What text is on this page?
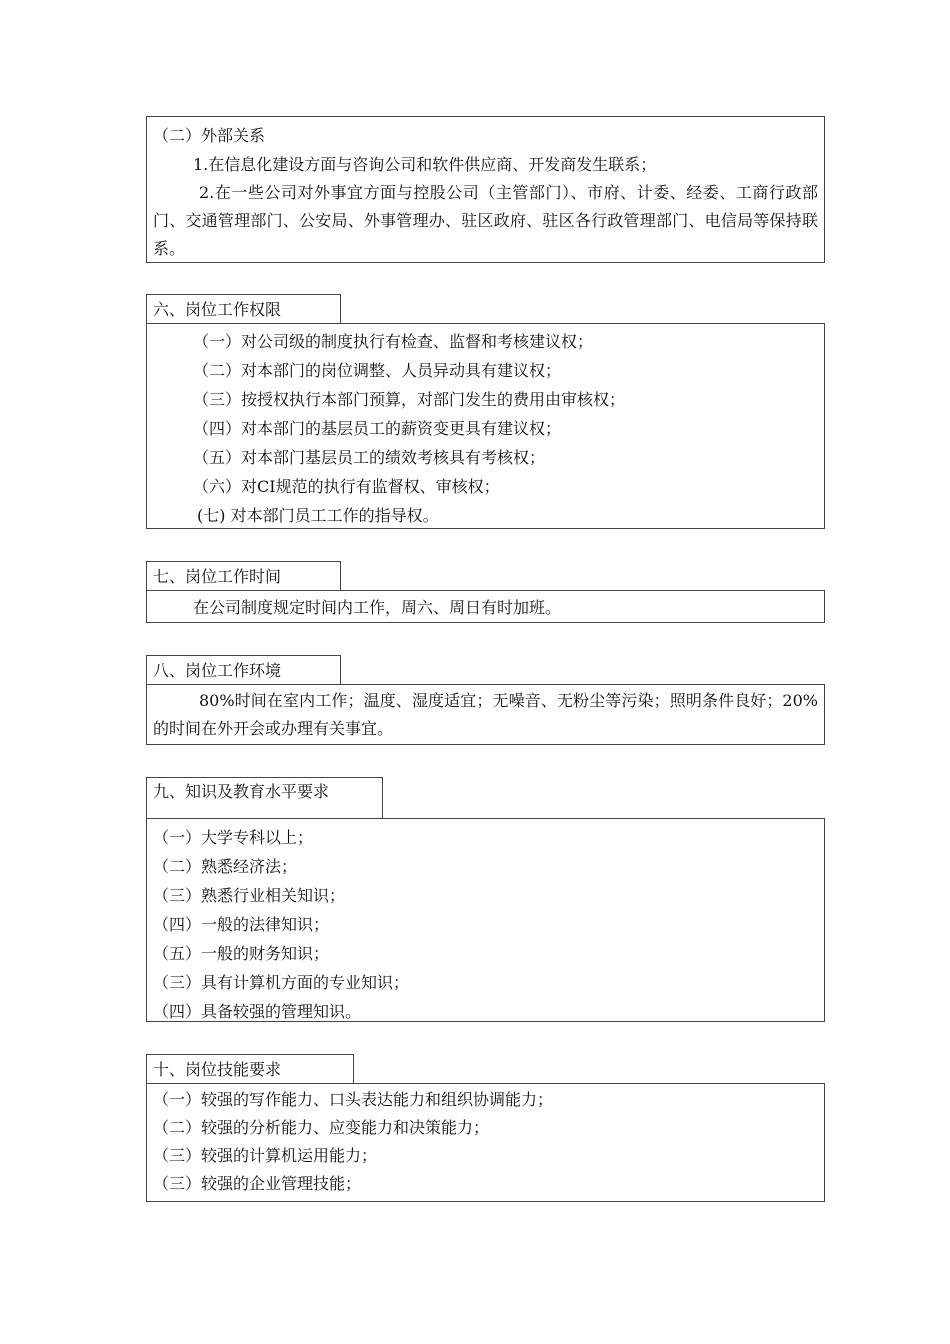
（二）外部关系
1.在信息化建设方面与咨询公司和软件供应商、开发商发生联系；
2.在一些公司对外事宜方面与控股公司（主管部门）、市府、计委、经委、工商行政部门、交通管理部门、公安局、外事管理办、驻区政府、驻区各行政管理部门、电信局等保持联系。
六、岗位工作权限
（一）对公司级的制度执行有检查、监督和考核建议权；
（二）对本部门的岗位调整、人员异动具有建议权；
（三）按授权执行本部门预算，对部门发生的费用由审核权；
（四）对本部门的基层员工的薪资变更具有建议权；
（五）对本部门基层员工的绩效考核具有考核权；
（六）对CI规范的执行有监督权、审核权；
(七) 对本部门员工工作的指导权。
七、岗位工作时间
在公司制度规定时间内工作，周六、周日有时加班。
八、岗位工作环境
80%时间在室内工作；温度、湿度适宜；无噪音、无粉尘等污染；照明条件良好；20%的时间在外开会或办理有关事宜。
九、知识及教育水平要求
（一）大学专科以上；
（二）熟悉经济法；
（三）熟悉行业相关知识；
（四）一般的法律知识；
（五）一般的财务知识；
（三）具有计算机方面的专业知识；
（四）具备较强的管理知识。
十、岗位技能要求
（一）较强的写作能力、口头表达能力和组织协调能力；
（二）较强的分析能力、应变能力和决策能力；
（三）较强的计算机运用能力；
（三）较强的企业管理技能；
